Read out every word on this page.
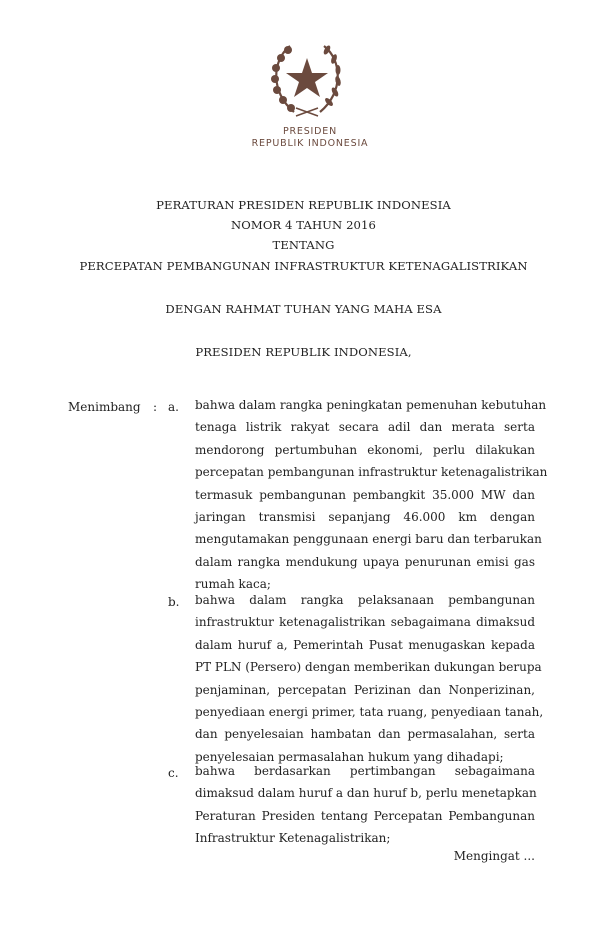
PRESIDEN
REPUBLIK INDONESIA
PERATURAN PRESIDEN REPUBLIK INDONESIA
NOMOR 4 TAHUN 2016
TENTANG
PERCEPATAN PEMBANGUNAN INFRASTRUKTUR KETENAGALISTRIKAN
DENGAN RAHMAT TUHAN YANG MAHA ESA
PRESIDEN REPUBLIK INDONESIA,
Menimbang : a. bahwa dalam rangka peningkatan pemenuhan kebutuhan
tenaga listrik rakyat secara adil dan merata serta
mendorong pertumbuhan ekonomi, perlu dilakukan
percepatan pembangunan infrastruktur ketenagalistrikan
termasuk pembangunan pembangkit 35.000 MW dan
jaringan transmisi sepanjang 46.000 km dengan
mengutamakan penggunaan energi baru dan terbarukan
dalam rangka mendukung upaya penurunan emisi gas
rumah kaca;
b. bahwa dalam rangka pelaksanaan pembangunan
infrastruktur ketenagalistrikan sebagaimana dimaksud
dalam huruf a, Pemerintah Pusat menugaskan kepada
PT PLN (Persero) dengan memberikan dukungan berupa
penjaminan, percepatan Perizinan dan Nonperizinan,
penyediaan energi primer, tata ruang, penyediaan tanah,
dan penyelesaian hambatan dan permasalahan, serta
penyelesaian permasalahan hukum yang dihadapi;
c. bahwa berdasarkan pertimbangan sebagaimana
dimaksud dalam huruf a dan huruf b, perlu menetapkan
Peraturan Presiden tentang Percepatan Pembangunan
Infrastruktur Ketenagalistrikan;
Mengingat ...
